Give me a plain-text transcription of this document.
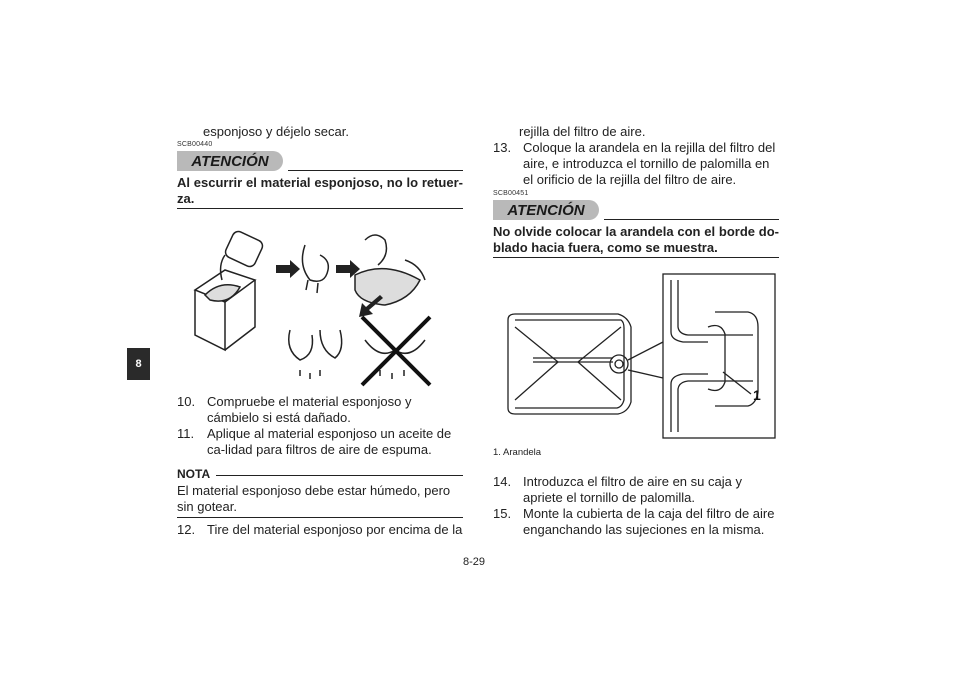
8
esponjoso y déjelo secar.
SCB00440
ATENCIÓN
Al escurrir el material esponjoso, no lo retuer-za.
10. Compruebe el material esponjoso y cámbielo si está dañado.
11. Aplique al material esponjoso un aceite de ca-lidad para filtros de aire de espuma.
NOTA
El material esponjoso debe estar húmedo, pero sin gotear.
12. Tire del material esponjoso por encima de la
rejilla del filtro de aire.
13. Coloque la arandela en la rejilla del filtro del aire, e introduzca el tornillo de palomilla en el orificio de la rejilla del filtro de aire.
SCB00451
ATENCIÓN
No olvide colocar la arandela con el borde do-blado hacia fuera, como se muestra.
1
1. Arandela
14. Introduzca el filtro de aire en su caja y apriete el tornillo de palomilla.
15. Monte la cubierta de la caja del filtro de aire enganchando las sujeciones en la misma.
8-29
